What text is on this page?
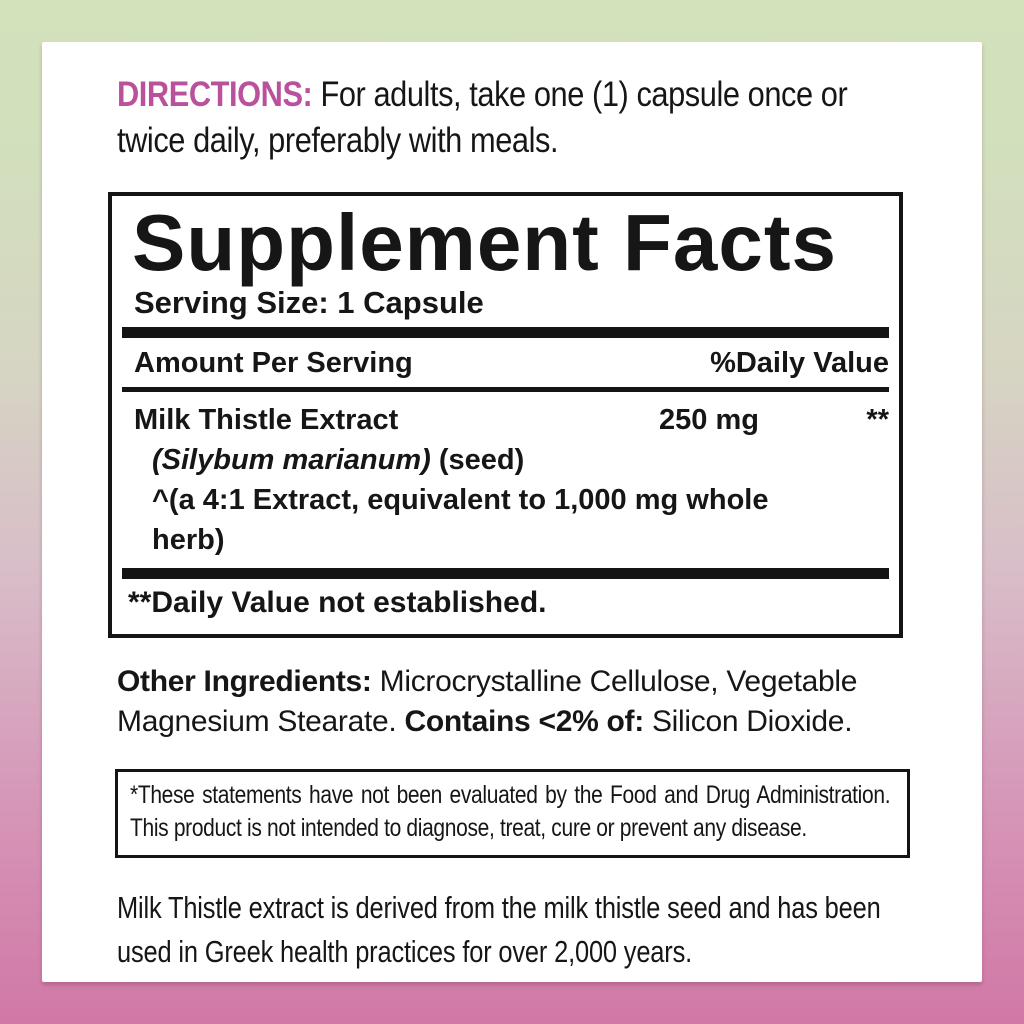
DIRECTIONS: For adults, take one (1) capsule once or twice daily, preferably with meals.

Supplement Facts
Serving Size: 1 Capsule
Amount Per Serving	%Daily Value
Milk Thistle Extract	250 mg	**
(Silybum marianum) (seed)
^(a 4:1 Extract, equivalent to 1,000 mg whole herb)
**Daily Value not established.

Other Ingredients: Microcrystalline Cellulose, Vegetable Magnesium Stearate. Contains <2% of: Silicon Dioxide.

*These statements have not been evaluated by the Food and Drug Administration. This product is not intended to diagnose, treat, cure or prevent any disease.

Milk Thistle extract is derived from the milk thistle seed and has been used in Greek health practices for over 2,000 years.
